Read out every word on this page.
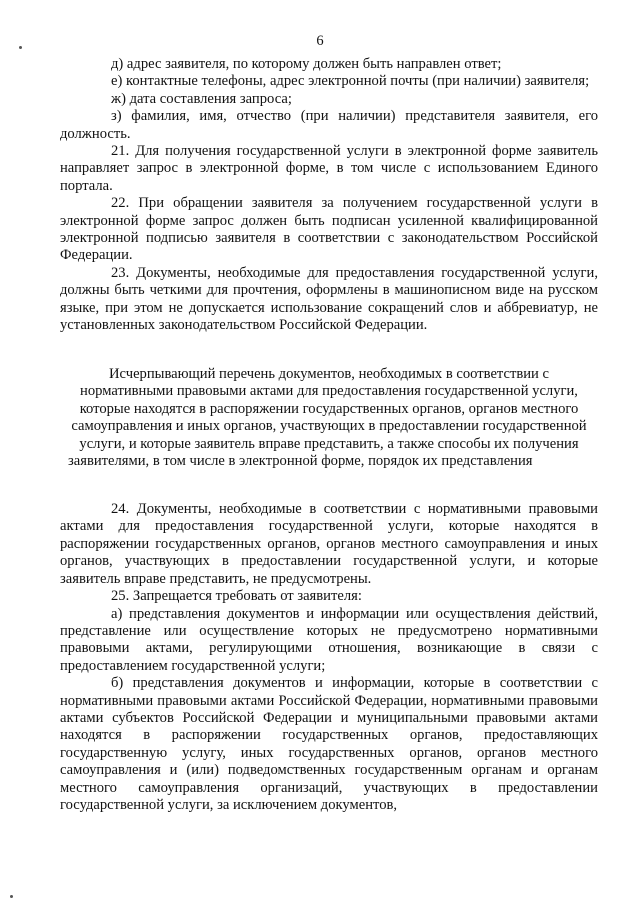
6

д) адрес заявителя, по которому должен быть направлен ответ;

е) контактные телефоны, адрес электронной почты (при наличии) заявителя;

ж) дата составления запроса;

з) фамилия, имя, отчество (при наличии) представителя заявителя, его должность.

21. Для получения государственной услуги в электронной форме заявитель направляет запрос в электронной форме, в том числе с использованием Единого портала.

22. При обращении заявителя за получением государственной услуги в электронной форме запрос должен быть подписан усиленной квалифицированной электронной подписью заявителя в соответствии с законодательством Российской Федерации.

23. Документы, необходимые для предоставления государственной услуги, должны быть четкими для прочтения, оформлены в машинописном виде на русском языке, при этом не допускается использование сокращений слов и аббревиатур, не установленных законодательством Российской Федерации.

Исчерпывающий перечень документов, необходимых в соответствии с нормативными правовыми актами для предоставления государственной услуги, которые находятся в распоряжении государственных органов, органов местного самоуправления и иных органов, участвующих в предоставлении государственной услуги, и которые заявитель вправе представить, а также способы их получения заявителями, в том числе в электронной форме, порядок их представления

24. Документы, необходимые в соответствии с нормативными правовыми актами для предоставления государственной услуги, которые находятся в распоряжении государственных органов, органов местного самоуправления и иных органов, участвующих в предоставлении государственной услуги, и которые заявитель вправе представить, не предусмотрены.

25. Запрещается требовать от заявителя:

а) представления документов и информации или осуществления действий, представление или осуществление которых не предусмотрено нормативными правовыми актами, регулирующими отношения, возникающие в связи с предоставлением государственной услуги;

б) представления документов и информации, которые в соответствии с нормативными правовыми актами Российской Федерации, нормативными правовыми актами субъектов Российской Федерации и муниципальными правовыми актами находятся в распоряжении государственных органов, предоставляющих государственную услугу, иных государственных органов, органов местного самоуправления и (или) подведомственных государственным органам и органам местного самоуправления организаций, участвующих в предоставлении государственной услуги, за исключением документов,
